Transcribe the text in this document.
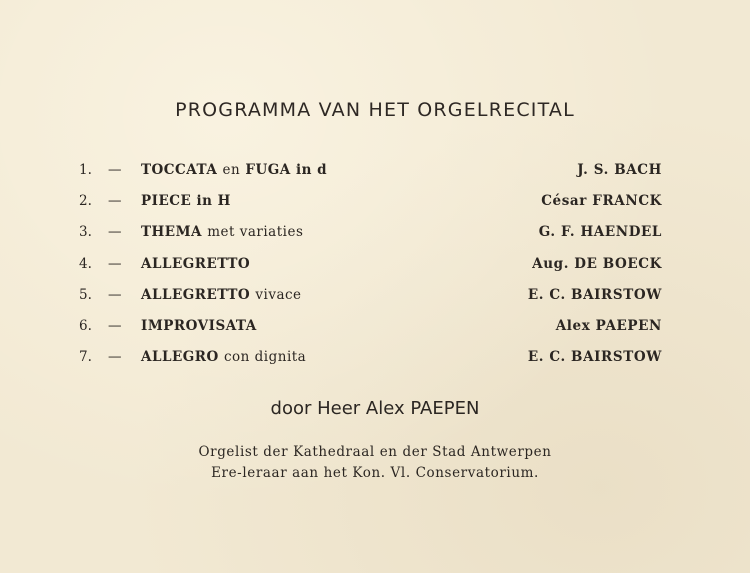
PROGRAMMA VAN HET ORGELRECITAL
1. — TOCCATA en FUGA in d	J. S. BACH
2. — PIECE in H	César FRANCK
3. — THEMA met variaties	G. F. HAENDEL
4. — ALLEGRETTO	Aug. DE BOECK
5. — ALLEGRETTO vivace	E. C. BAIRSTOW
6. — IMPROVISATA	Alex PAEPEN
7. — ALLEGRO con dignita	E. C. BAIRSTOW
door Heer Alex PAEPEN
Orgelist der Kathedraal en der Stad Antwerpen
Ere-leraar aan het Kon. Vl. Conservatorium.
